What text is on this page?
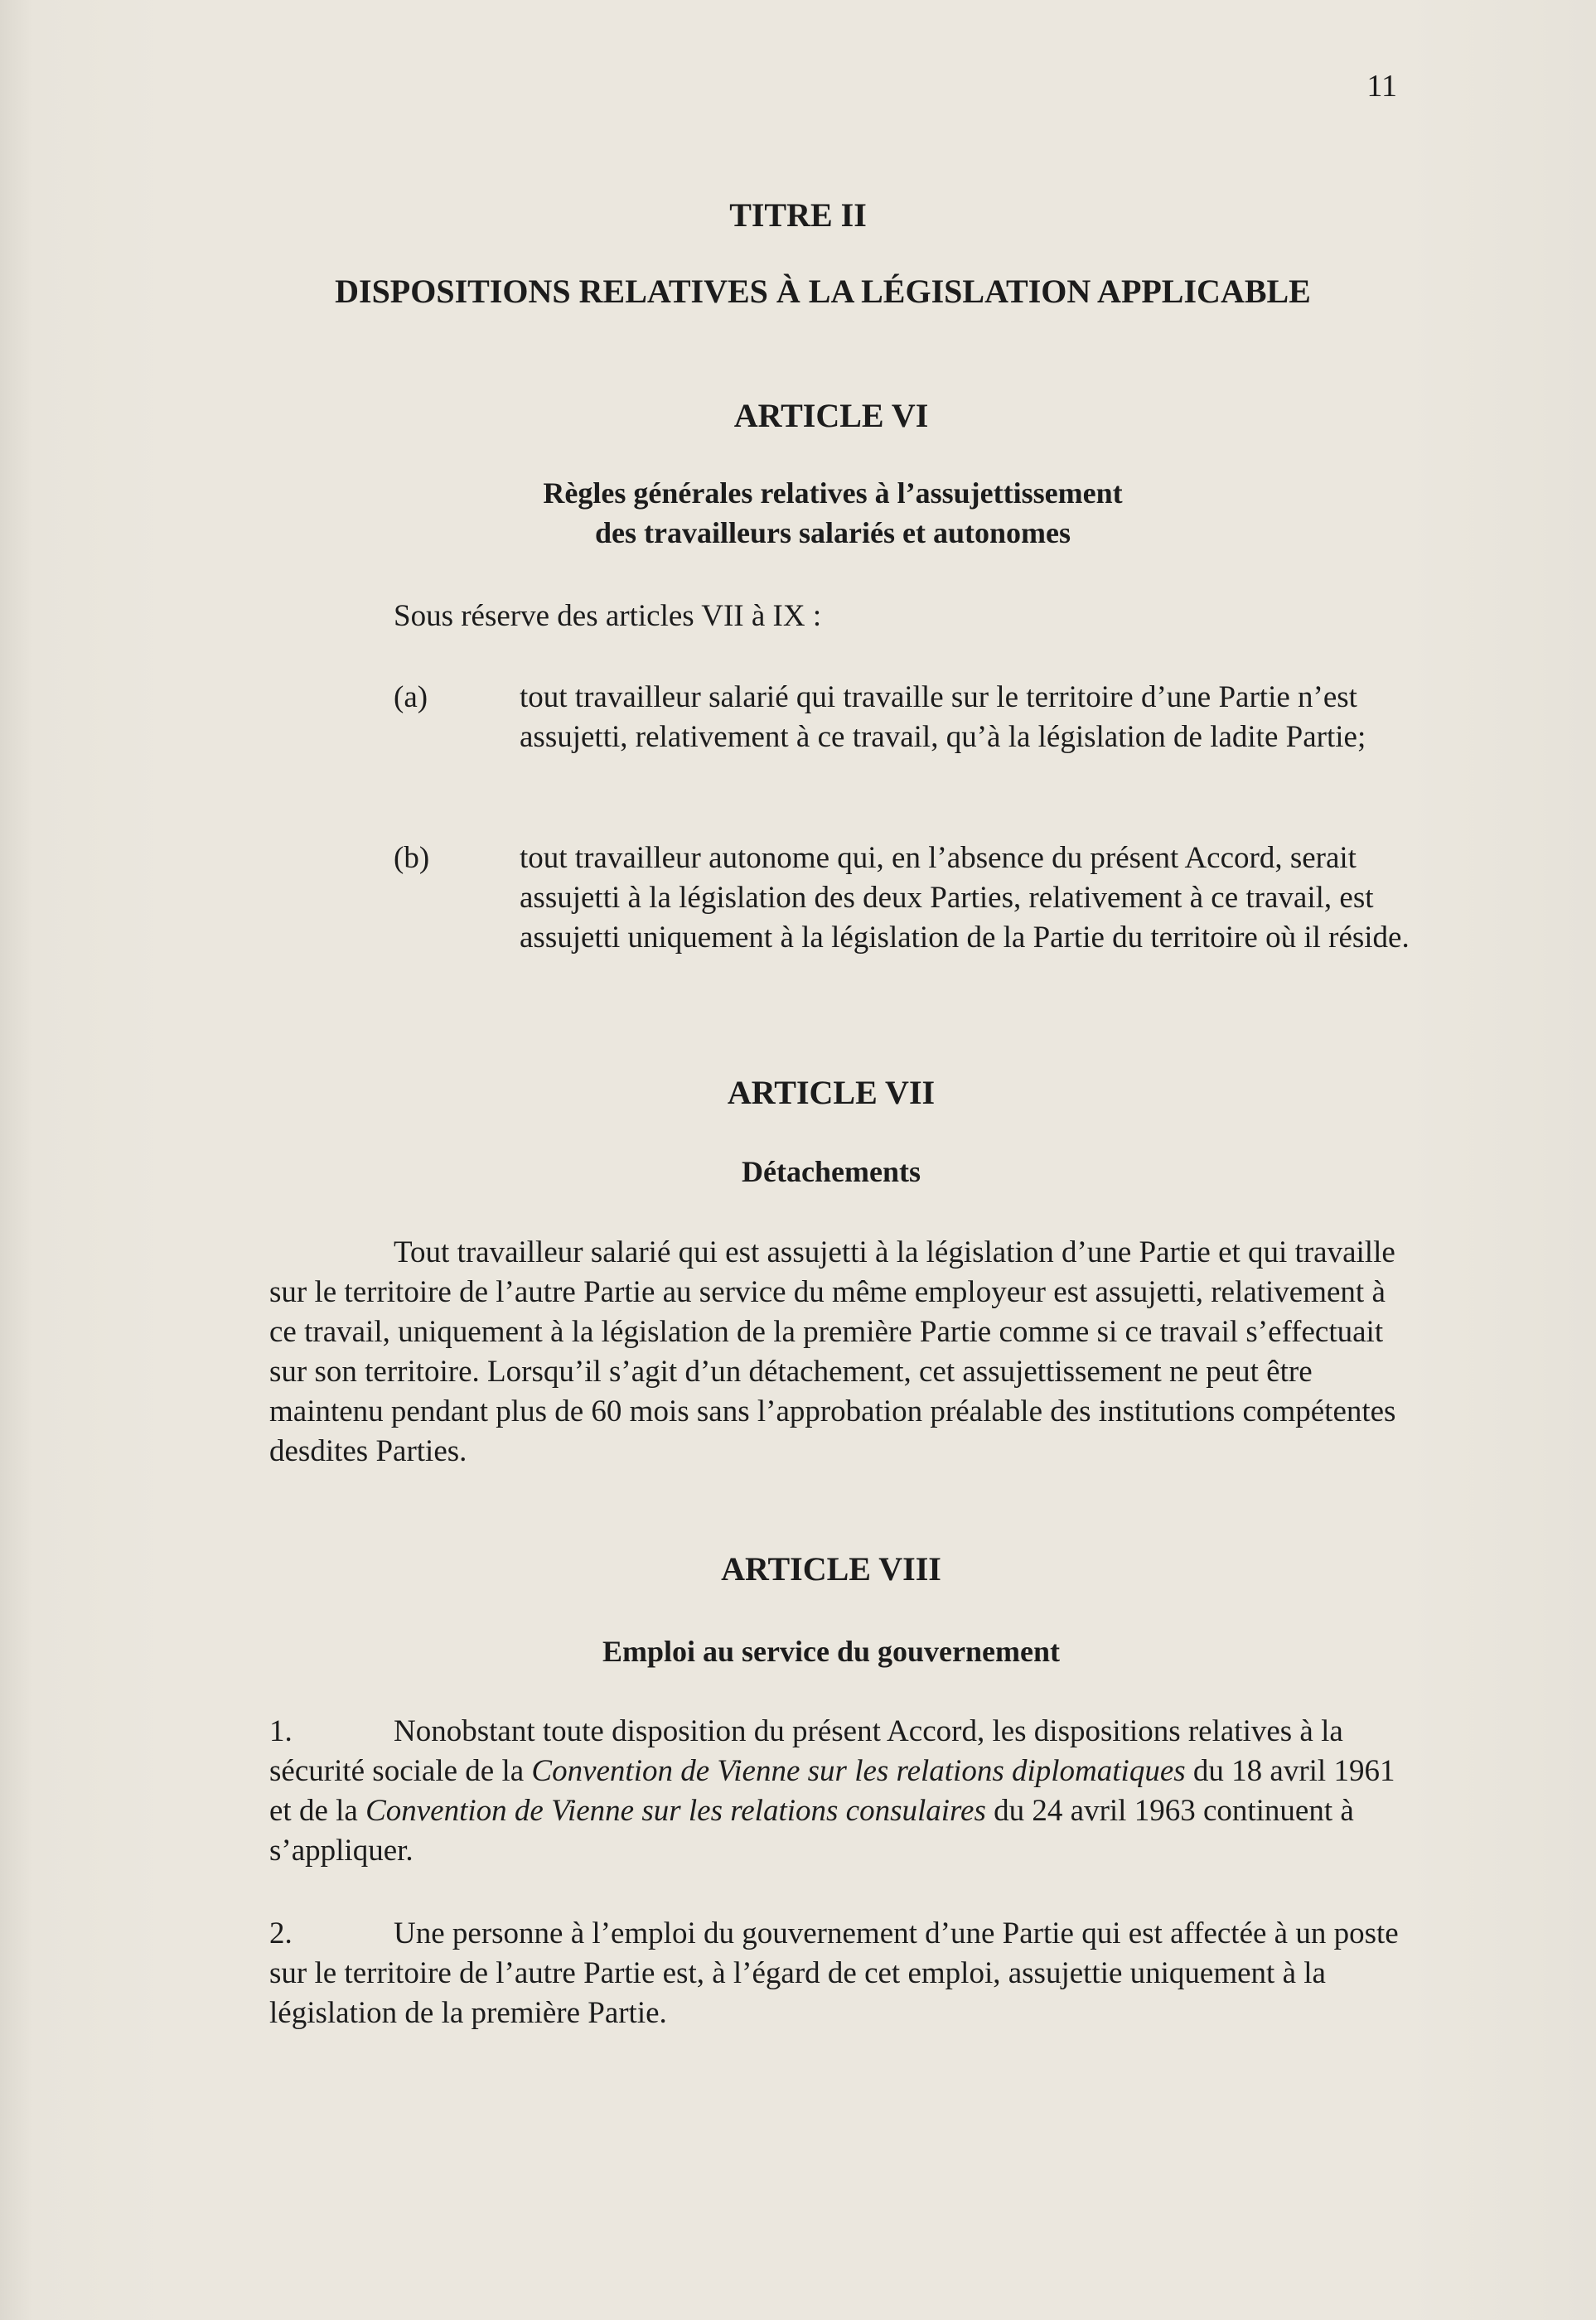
11
TITRE II
DISPOSITIONS RELATIVES À LA LÉGISLATION APPLICABLE
ARTICLE VI
Règles générales relatives à l’assujettissement
des travailleurs salariés et autonomes
Sous réserve des articles VII à IX :
(a)	tout travailleur salarié qui travaille sur le territoire d’une Partie n’est assujetti, relativement à ce travail, qu’à la législation de ladite Partie;
(b)	tout travailleur autonome qui, en l’absence du présent Accord, serait assujetti à la législation des deux Parties, relativement à ce travail, est assujetti uniquement à la législation de la Partie du territoire où il réside.
ARTICLE VII
Détachements
Tout travailleur salarié qui est assujetti à la législation d’une Partie et qui travaille sur le territoire de l’autre Partie au service du même employeur est assujetti, relativement à ce travail, uniquement à la législation de la première Partie comme si ce travail s’effectuait sur son territoire. Lorsqu’il s’agit d’un détachement, cet assujettissement ne peut être maintenu pendant plus de 60 mois sans l’approbation préalable des institutions compétentes desdites Parties.
ARTICLE VIII
Emploi au service du gouvernement
1.	Nonobstant toute disposition du présent Accord, les dispositions relatives à la sécurité sociale de la Convention de Vienne sur les relations diplomatiques du 18 avril 1961 et de la Convention de Vienne sur les relations consulaires du 24 avril 1963 continuent à s’appliquer.
2.	Une personne à l’emploi du gouvernement d’une Partie qui est affectée à un poste sur le territoire de l’autre Partie est, à l’égard de cet emploi, assujettie uniquement à la législation de la première Partie.
